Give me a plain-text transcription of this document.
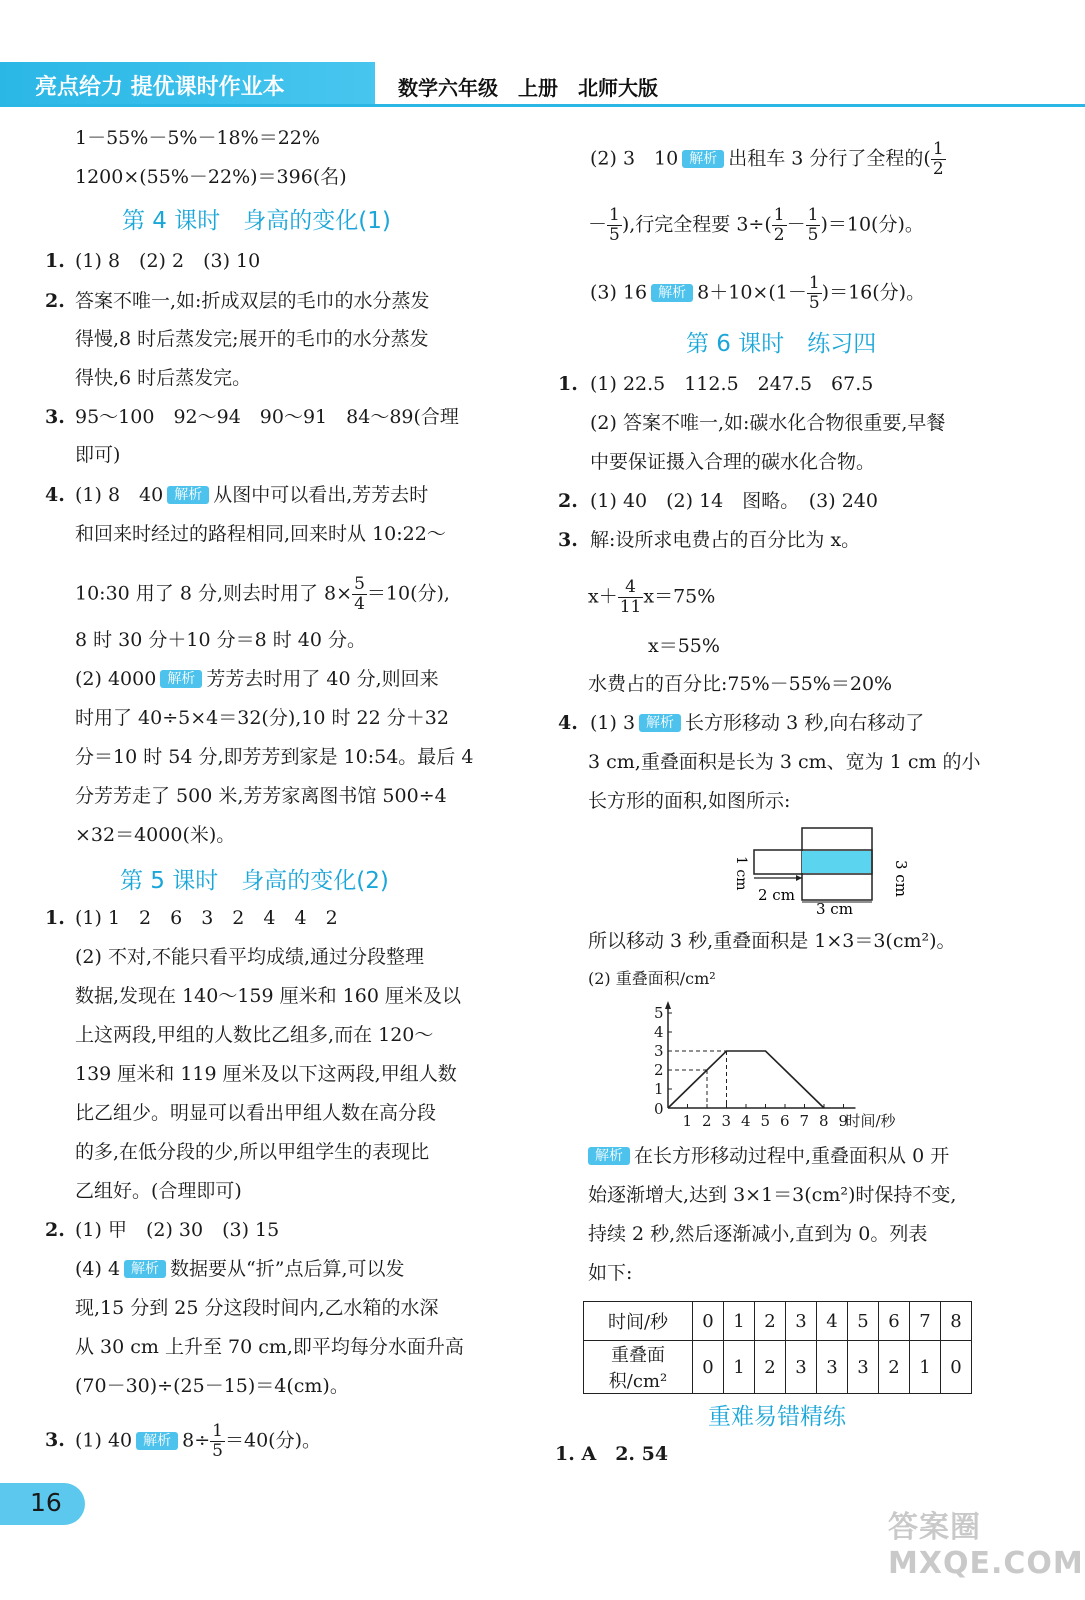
亮点给力 提优课时作业本	数学六年级　上册　北师大版
1－55%－5%－18%＝22%
1200×(55%－22%)＝396(名)
第 4 课时　身高的变化(1)
1. (1) 8　(2) 2　(3) 10
2. 答案不唯一,如:折成双层的毛巾的水分蒸发
得慢,8 时后蒸发完;展开的毛巾的水分蒸发
得快,6 时后蒸发完。
3. 95～100　92～94　90～91　84～89(合理
即可)
4. (1) 8　40 解析 从图中可以看出,芳芳去时
和回来时经过的路程相同,回来时从 10:22～
10:30 用了 8 分,则去时用了 $8\times \frac{5}{4} =10$(分),
8 时 30 分＋10 分＝8 时 40 分。
(2) 4000 解析 芳芳去时用了 40 分,则回来
时用了 40÷5×4＝32(分),10 时 22 分＋32
分＝10 时 54 分,即芳芳到家是 10:54。最后 4
分芳芳走了 500 米,芳芳家离图书馆 500÷4
×32＝4000(米)。
第 5 课时　身高的变化(2)
1. (1) 1　2　6　3　2　4　4　2
(2) 不对,不能只看平均成绩,通过分段整理
数据,发现在 140～159 厘米和 160 厘米及以
上这两段,甲组的人数比乙组多,而在 120～
139 厘米和 119 厘米及以下这两段,甲组人数
比乙组少。明显可以看出甲组人数在高分段
的多,在低分段的少,所以甲组学生的表现比
乙组好。(合理即可)
2. (1) 甲　(2) 30　(3) 15
(4) 4 解析 数据要从“折”点后算,可以发
现,15 分到 25 分这段时间内,乙水箱的水深
从 30 cm 上升至 70 cm,即平均每分水面升高
(70－30)÷(25－15)＝4(cm)。
3. (1) 40 解析 $8\div \frac{1}{5} =40$(分)。
(2) 3　10 解析 出租车 3 分行了全程的( $\frac{1}{2}$
－ $\frac{1}{5}$ ),行完全程要 $3\div( \frac{1}{2} - \frac{1}{5} )=10$(分)。
(3) 16 解析 $8+10\times(1- \frac{1}{5} )=16$(分)。
第 6 课时　练习四
1. (1) 22.5　112.5　247.5　67.5
(2) 答案不唯一,如:碳水化合物很重要,早餐
中要保证摄入合理的碳水化合物。
2. (1) 40　(2) 14　图略。　(3) 240
3. 解:设所求电费占的百分比为 x。
$x+ \frac{4}{11} x=75\%$
x＝55%
水费占的百分比:75%－55%＝20%
4. (1) 3 解析 长方形移动 3 秒,向右移动了
3 cm,重叠面积是长为 3 cm、宽为 1 cm 的小
长方形的面积,如图所示:
1 cm
2 cm
3 cm
3 cm
所以移动 3 秒,重叠面积是 1×3＝3(cm²)。
(2) 重叠面积/cm²
0
1
2
3
4
5
1 2 3 4 5 6 7 8 9
时间/秒
解析 在长方形移动过程中,重叠面积从 0 开
始逐渐增大,达到 3×1＝3(cm²)时保持不变,
持续 2 秒,然后逐渐减小,直到为 0。列表
如下:
时间/秒	0	1	2	3	4	5	6	7	8
重叠面积/cm²	0	1	2	3	3	3	2	1	0
重难易错精练
1. A　2. 54
16
答案圈 MXQE.COM
